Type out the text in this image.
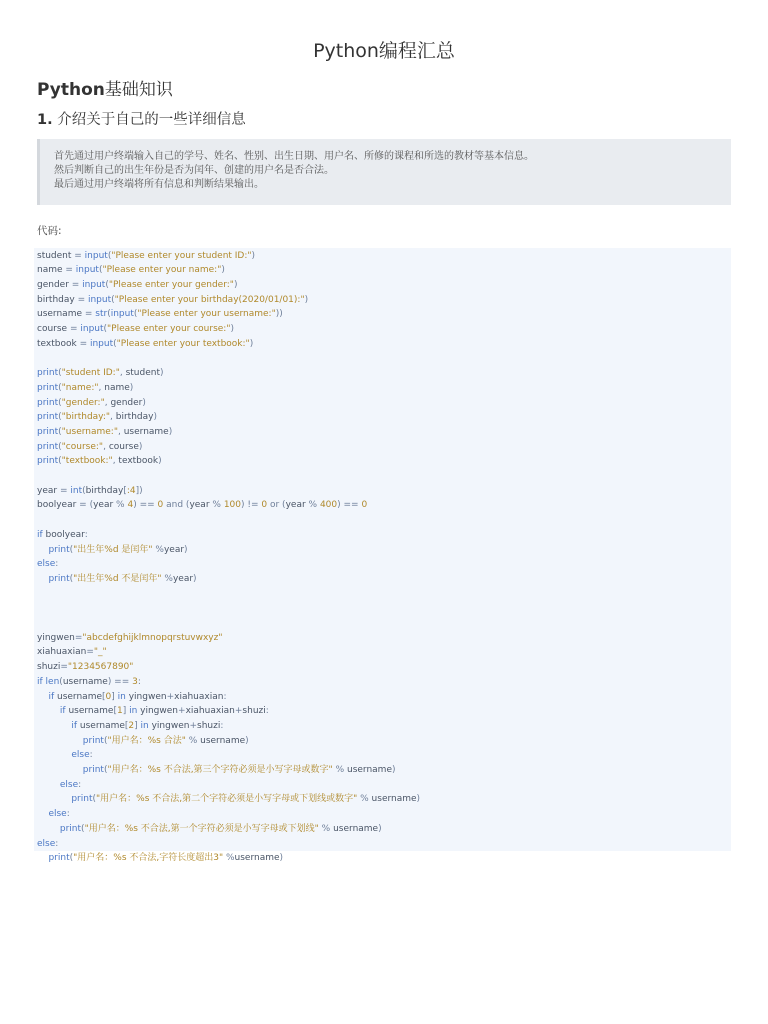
Python编程汇总
Python基础知识
1. 介绍关于自己的一些详细信息
首先通过用户终端输入自己的学号、姓名、性别、出生日期、用户名、所修的课程和所选的教材等基本信息。
然后判断自己的出生年份是否为闰年、创建的用户名是否合法。
最后通过用户终端将所有信息和判断结果输出。
代码:
student = input("Please enter your student ID:")
name = input("Please enter your name:")
gender = input("Please enter your gender:")
birthday = input("Please enter your birthday(2020/01/01):")
username = str(input("Please enter your username:"))
course = input("Please enter your course:")
textbook = input("Please enter your textbook:")
print("student ID:", student)
print("name:", name)
print("gender:", gender)
print("birthday:", birthday)
print("username:", username)
print("course:", course)
print("textbook:", textbook)
year = int(birthday[:4])
boolyear = (year % 4) == 0 and (year % 100) != 0 or (year % 400) == 0
if boolyear:
print("出生年%d 是闰年" %year)
else:
print("出生年%d 不是闰年" %year)
yingwen="abcdefghijklmnopqrstuvwxyz"
xiahuaxian="_"
shuzi="1234567890"
if len(username) == 3:
if username[0] in yingwen+xiahuaxian:
if username[1] in yingwen+xiahuaxian+shuzi:
if username[2] in yingwen+shuzi:
print("用户名：%s 合法" % username)
else:
print("用户名：%s 不合法,第三个字符必须是小写字母或数字" % username)
else:
print("用户名：%s 不合法,第二个字符必须是小写字母或下划线或数字" % username)
else:
print("用户名：%s 不合法,第一个字符必须是小写字母或下划线" % username)
else:
print("用户名：%s 不合法,字符长度超出3" %username)
